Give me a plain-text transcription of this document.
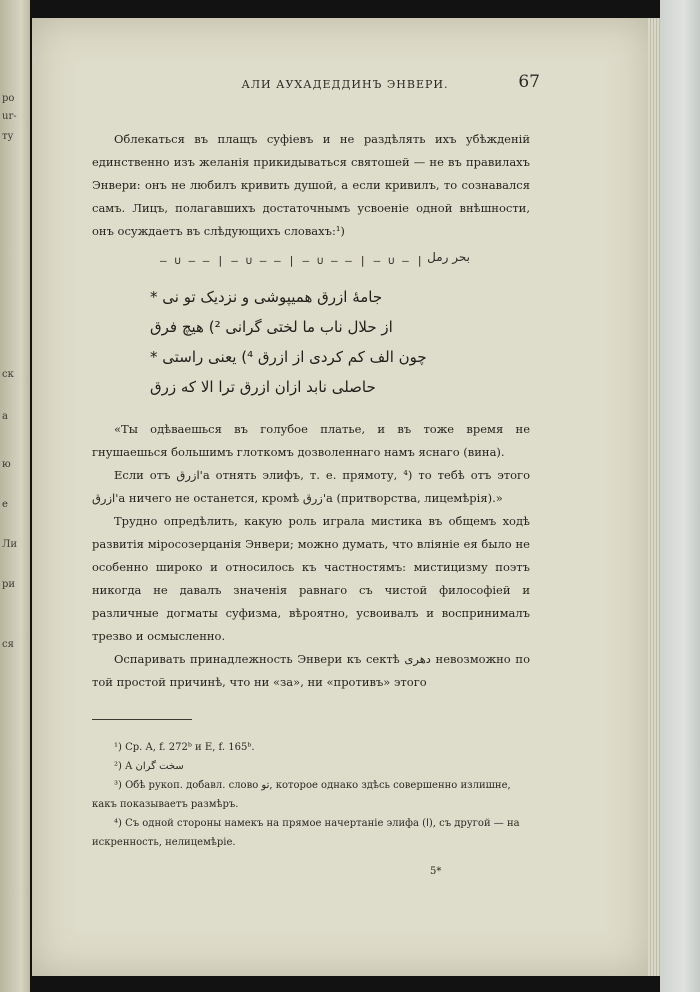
ро
ur-
ту
ск
а
ю
е
Ли
ри
ся
АЛИ АУХАДЕДДИНЪ ЭНВЕРИ.	67

Облекаться въ плащъ суфіевъ и не раздѣлять ихъ убѣжденій единственно изъ желанія прикидываться святошей — не въ правилахъ Энвери: онъ не любилъ кривить душой, а если кривилъ, то сознавался самъ. Лицъ, полагавшихъ достаточнымъ усвоеніе одной внѣшности, онъ осуждаетъ въ слѣдующихъ словахъ:¹)

— ∪ — — | — ∪ — — | — ∪ — — | — ∪ — | بحر رمل
جامهٔ ازرق همیپوشی و نزدیک تو نی *
از حلال ناب ما لختی گرانی ²) هیچ فرق
چون الف کم کردی از ازرق ⁴) یعنی راستی *
حاصلی نابد ازان ازرق ترا الا که زرق

«Ты одѣваешься въ голубое платье, и въ тоже время не гнушаешься большимъ глоткомъ дозволеннаго намъ яснаго (вина).

Если отъ ازرق'а отнять элифъ, т. е. прямоту, ⁴) то тебѣ отъ этого ازرق'а ничего не останется, кромѣ زرق'а (притворства, лицемѣрія).»

Трудно опредѣлить, какую роль играла мистика въ общемъ ходѣ развитія міросозерцанія Энвери; можно думать, что вліяніе ея было не особенно широко и относилось къ частностямъ: мистицизму поэтъ никогда не давалъ значенія равнаго съ чистой философіей и различные догматы суфизма, вѣроятно, усвоивалъ и воспринималъ трезво и осмысленно.

Оспаривать принадлежность Энвери къ сектѣ دهری невозможно по той простой причинѣ, что ни «за», ни «противъ» этого

¹) Ср. A, f. 272ᵇ и E, f. 165ᵇ.

²) A سخت گران

³) Обѣ рукоп. добавл. слово تو, которое однако здѣсь совершенно излишне, какъ показываетъ размѣръ.

⁴) Съ одной стороны намекъ на прямое начертаніе элифа (ا), съ другой — на искренность, нелицемѣріе.

5*
